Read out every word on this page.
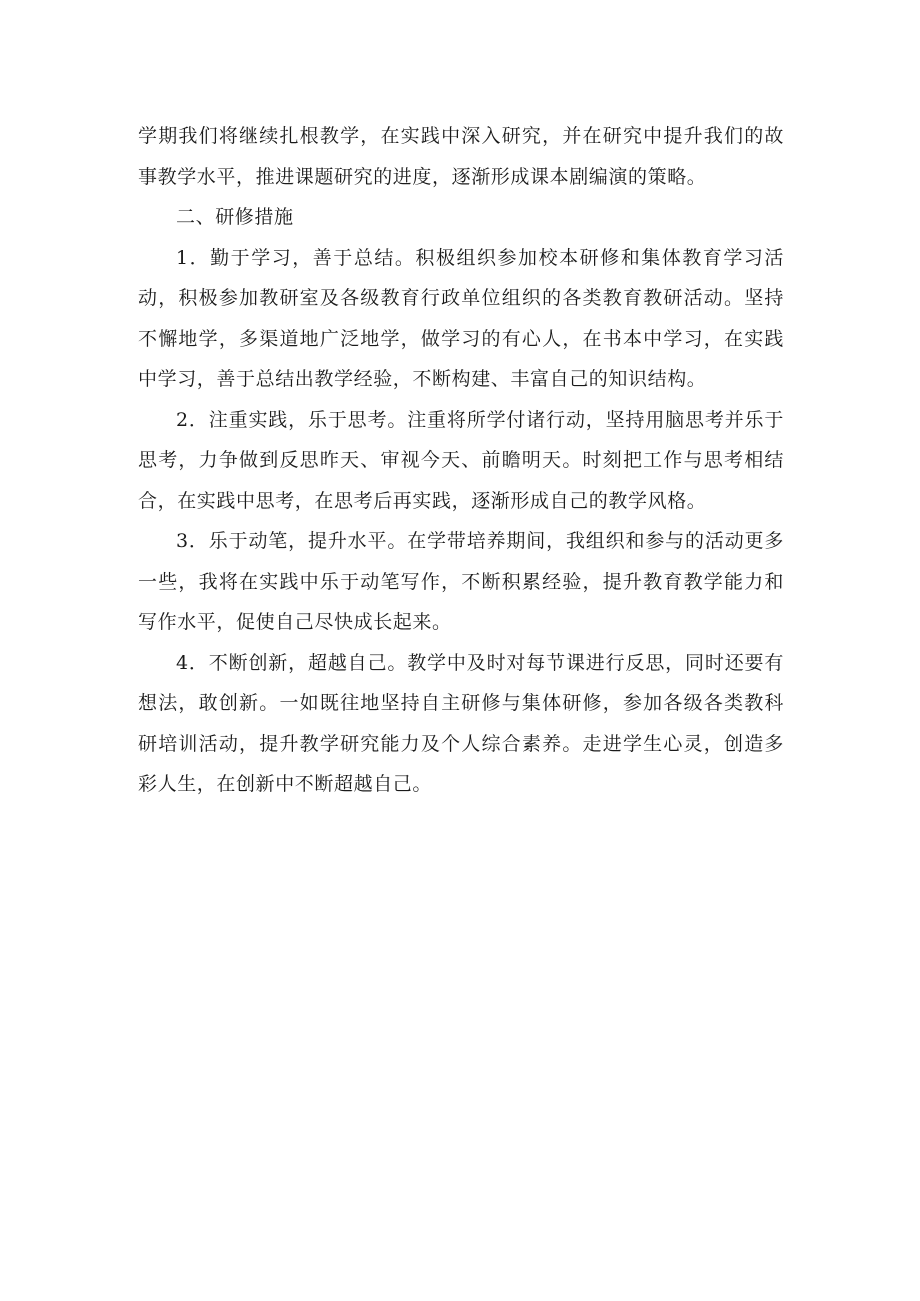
学期我们将继续扎根教学，在实践中深入研究，并在研究中提升我们的故事教学水平，推进课题研究的进度，逐渐形成课本剧编演的策略。

二、研修措施

1．勤于学习，善于总结。积极组织参加校本研修和集体教育学习活动，积极参加教研室及各级教育行政单位组织的各类教育教研活动。坚持不懈地学，多渠道地广泛地学，做学习的有心人，在书本中学习，在实践中学习，善于总结出教学经验，不断构建、丰富自己的知识结构。

2．注重实践，乐于思考。注重将所学付诸行动，坚持用脑思考并乐于思考，力争做到反思昨天、审视今天、前瞻明天。时刻把工作与思考相结合，在实践中思考，在思考后再实践，逐渐形成自己的教学风格。

3．乐于动笔，提升水平。在学带培养期间，我组织和参与的活动更多一些，我将在实践中乐于动笔写作，不断积累经验，提升教育教学能力和写作水平，促使自己尽快成长起来。

4．不断创新，超越自己。教学中及时对每节课进行反思，同时还要有想法，敢创新。一如既往地坚持自主研修与集体研修，参加各级各类教科研培训活动，提升教学研究能力及个人综合素养。走进学生心灵，创造多彩人生，在创新中不断超越自己。
